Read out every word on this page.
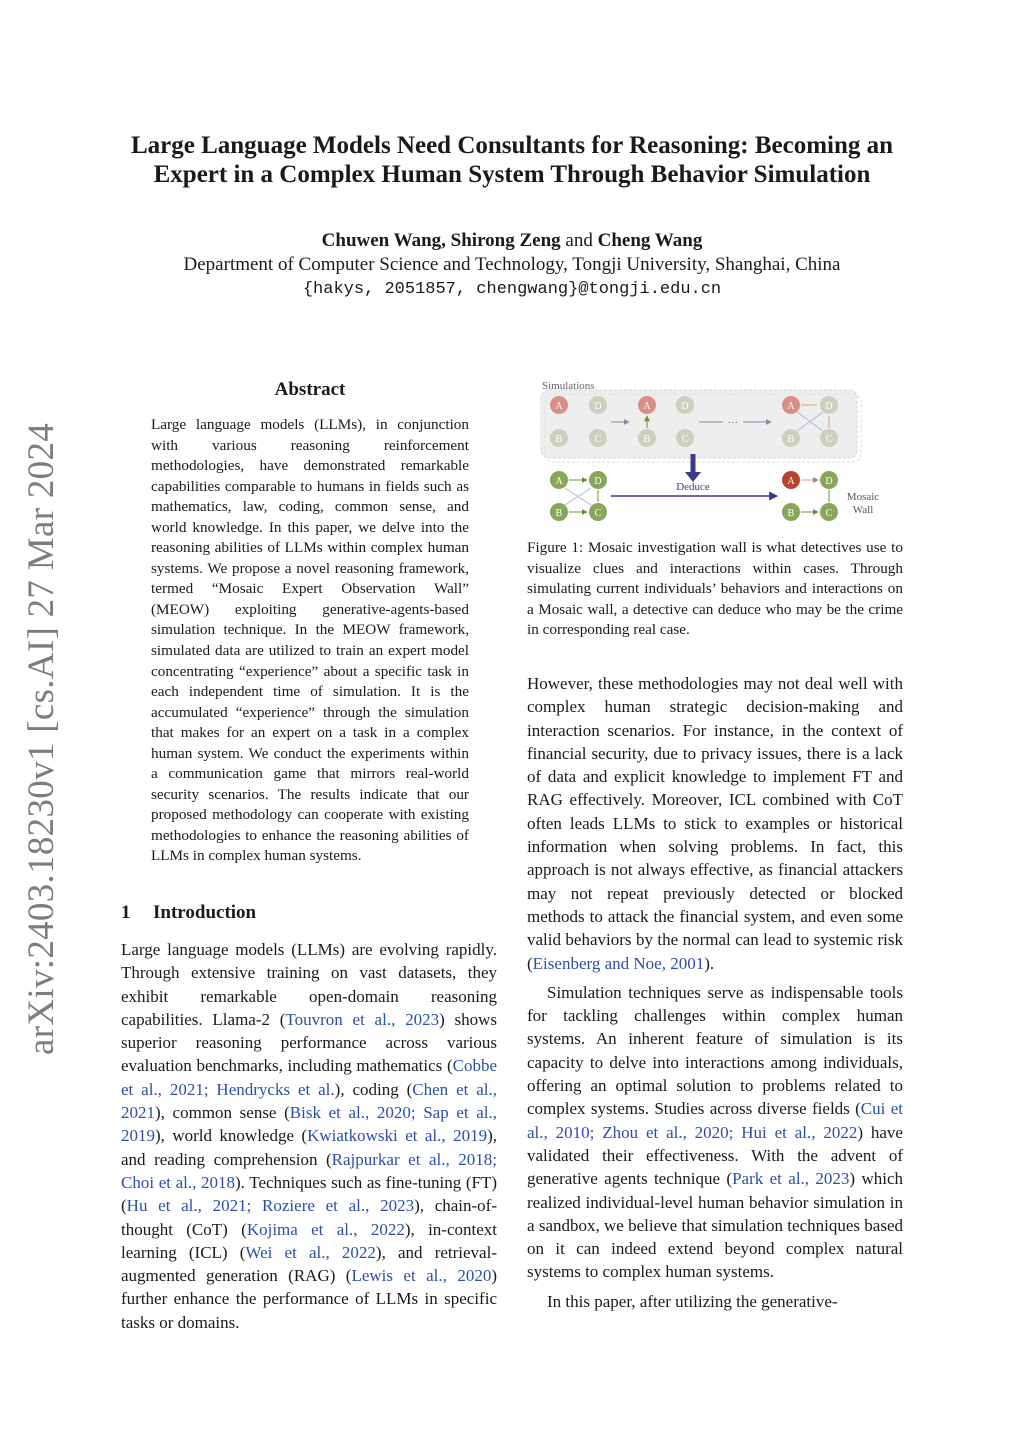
arXiv:2403.18230v1 [cs.AI] 27 Mar 2024
Large Language Models Need Consultants for Reasoning: Becoming an Expert in a Complex Human System Through Behavior Simulation
Chuwen Wang, Shirong Zeng and Cheng Wang
Department of Computer Science and Technology, Tongji University, Shanghai, China
{hakys, 2051857, chengwang}@tongji.edu.cn
Abstract
Large language models (LLMs), in conjunction with various reasoning reinforcement methodologies, have demonstrated remarkable capabilities comparable to humans in fields such as mathematics, law, coding, common sense, and world knowledge. In this paper, we delve into the reasoning abilities of LLMs within complex human systems. We propose a novel reasoning framework, termed “Mosaic Expert Observation Wall” (MEOW) exploiting generative-agents-based simulation technique. In the MEOW framework, simulated data are utilized to train an expert model concentrating “experience” about a specific task in each independent time of simulation. It is the accumulated “experience” through the simulation that makes for an expert on a task in a complex human system. We conduct the experiments within a communication game that mirrors real-world security scenarios. The results indicate that our proposed methodology can cooperate with existing methodologies to enhance the reasoning abilities of LLMs in complex human systems.
1 Introduction

Large language models (LLMs) are evolving rapidly. Through extensive training on vast datasets, they exhibit remarkable open-domain reasoning capabilities. Llama-2 (Touvron et al., 2023) shows superior reasoning performance across various evaluation benchmarks, including mathematics (Cobbe et al., 2021; Hendrycks et al.), coding (Chen et al., 2021), common sense (Bisk et al., 2020; Sap et al., 2019), world knowledge (Kwiatkowski et al., 2019), and reading comprehension (Rajpurkar et al., 2018; Choi et al., 2018). Techniques such as fine-tuning (FT) (Hu et al., 2021; Roziere et al., 2023), chain-of-thought (CoT) (Kojima et al., 2022), in-context learning (ICL) (Wei et al., 2022), and retrieval-augmented generation (RAG) (Lewis et al., 2020) further enhance the performance of LLMs in specific tasks or domains.

Simulations
A	D
B	C
A	D
B	C
···
A	D
B	C
A	D
B	C
Deduce	A	D
B	C
Mosaic
Wall
Figure 1: Mosaic investigation wall is what detectives use to visualize clues and interactions within cases. Through simulating current individuals’ behaviors and interactions on a Mosaic wall, a detective can deduce who may be the crime in corresponding real case.

However, these methodologies may not deal well with complex human strategic decision-making and interaction scenarios. For instance, in the context of financial security, due to privacy issues, there is a lack of data and explicit knowledge to implement FT and RAG effectively. Moreover, ICL combined with CoT often leads LLMs to stick to examples or historical information when solving problems. In fact, this approach is not always effective, as financial attackers may not repeat previously detected or blocked methods to attack the financial system, and even some valid behaviors by the normal can lead to systemic risk (Eisenberg and Noe, 2001).

Simulation techniques serve as indispensable tools for tackling challenges within complex human systems. An inherent feature of simulation is its capacity to delve into interactions among individuals, offering an optimal solution to problems related to complex systems. Studies across diverse fields (Cui et al., 2010; Zhou et al., 2020; Hui et al., 2022) have validated their effectiveness. With the advent of generative agents technique (Park et al., 2023) which realized individual-level human behavior simulation in a sandbox, we believe that simulation techniques based on it can indeed extend beyond complex natural systems to complex human systems.

In this paper, after utilizing the generative-
